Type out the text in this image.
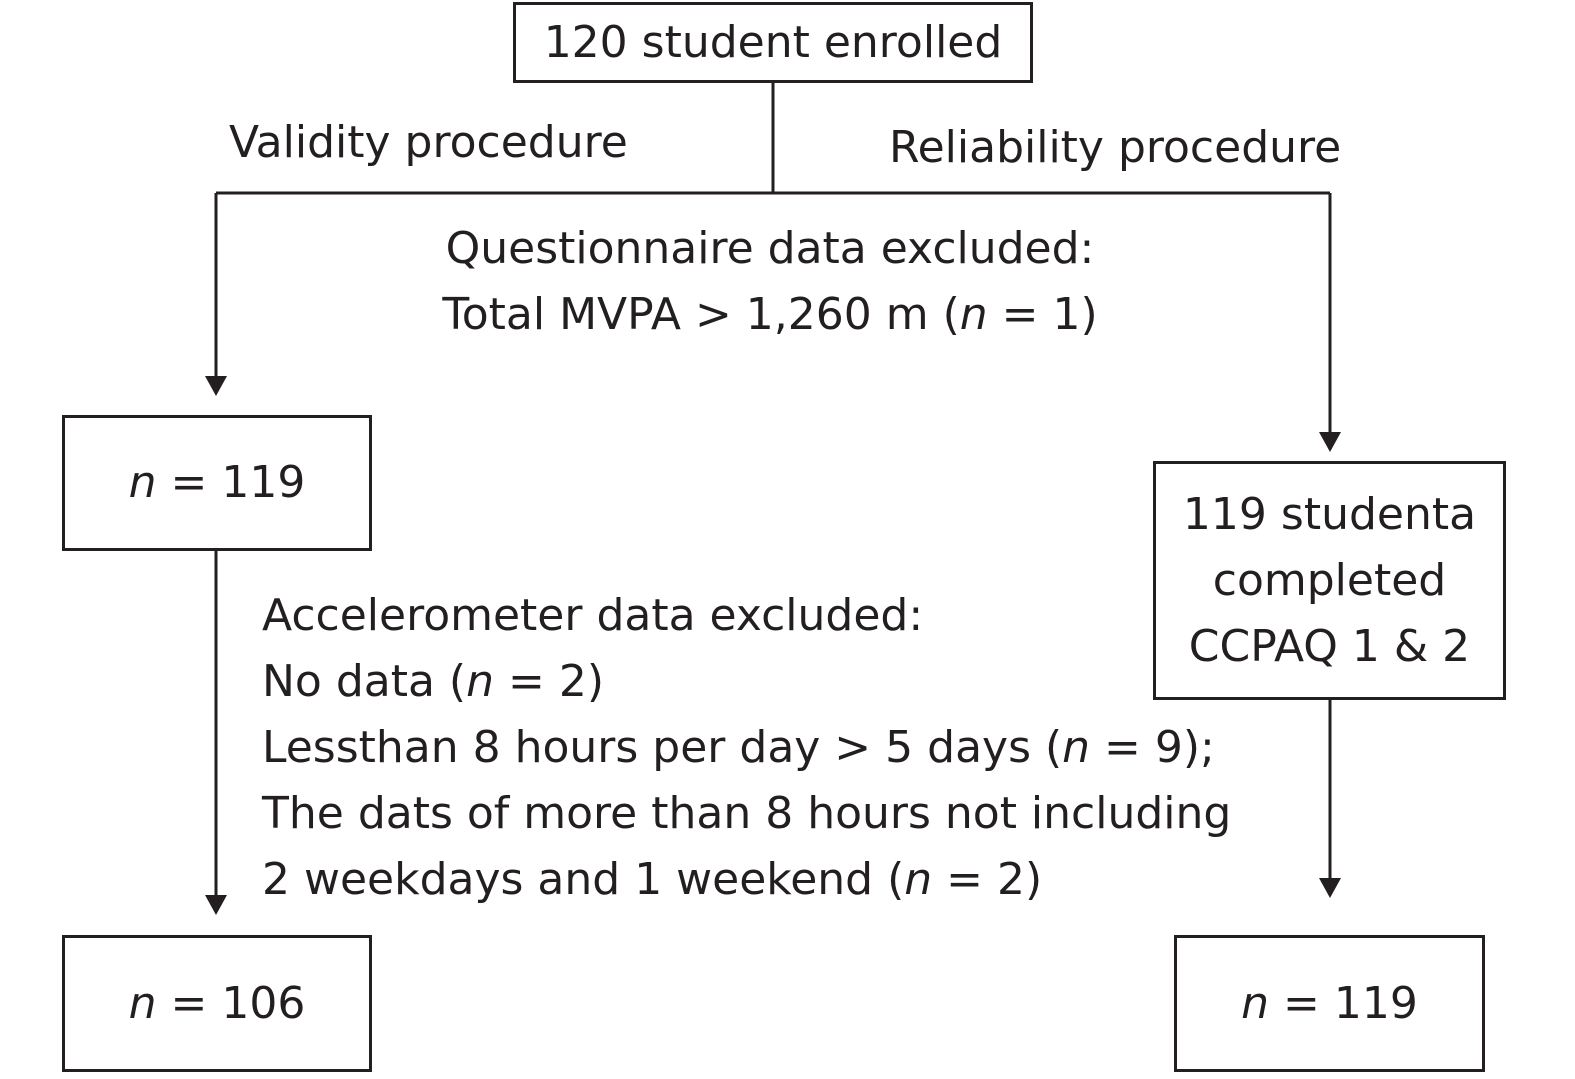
120 student enrolled
Validity procedure	Reliability procedure
Questionnaire data excluded:
Total MVPA > 1,260 m (n = 1)
n = 119
119 studenta
completed
CCPAQ 1 & 2
Accelerometer data excluded:
No data (n = 2)
Lessthan 8 hours per day > 5 days (n = 9);
The dats of more than 8 hours not including
2 weekdays and 1 weekend (n = 2)
n = 106	n = 119
